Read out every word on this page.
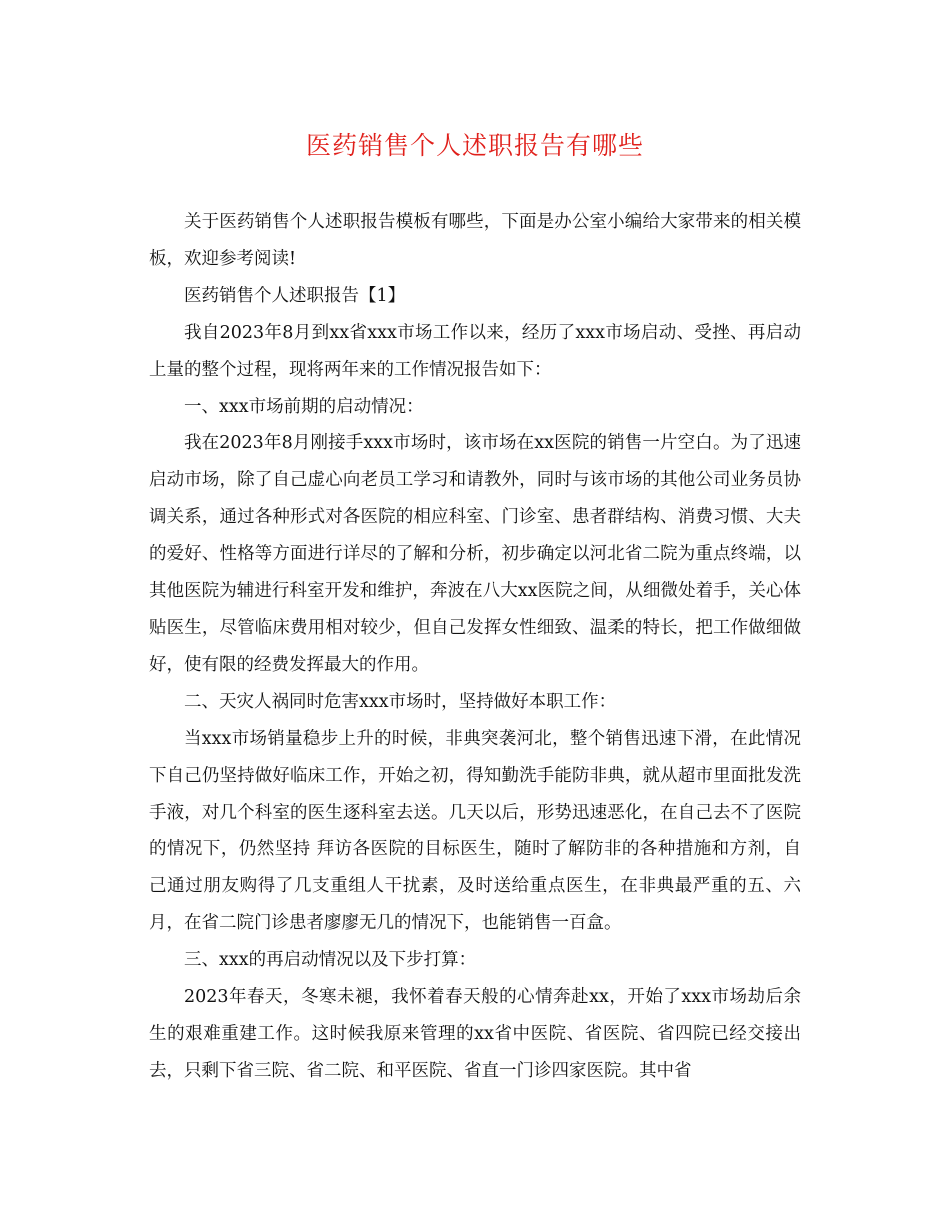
医药销售个人述职报告有哪些

关于医药销售个人述职报告模板有哪些，下面是办公室小编给大家带来的相关模板，欢迎参考阅读!

医药销售个人述职报告【1】

我自2023年8月到xx省xxx市场工作以来，经历了xxx市场启动、受挫、再启动上量的整个过程，现将两年来的工作情况报告如下：

一、xxx市场前期的启动情况：

我在2023年8月刚接手xxx市场时，该市场在xx医院的销售一片空白。为了迅速启动市场，除了自己虚心向老员工学习和请教外，同时与该市场的其他公司业务员协调关系，通过各种形式对各医院的相应科室、门诊室、患者群结构、消费习惯、大夫的爱好、性格等方面进行详尽的了解和分析，初步确定以河北省二院为重点终端，以其他医院为辅进行科室开发和维护，奔波在八大xx医院之间，从细微处着手，关心体贴医生，尽管临床费用相对较少，但自己发挥女性细致、温柔的特长，把工作做细做好，使有限的经费发挥最大的作用。

二、天灾人祸同时危害xxx市场时，坚持做好本职工作：

当xxx市场销量稳步上升的时候，非典突袭河北，整个销售迅速下滑，在此情况下自己仍坚持做好临床工作，开始之初，得知勤洗手能防非典，就从超市里面批发洗手液，对几个科室的医生逐科室去送。几天以后，形势迅速恶化，在自己去不了医院的情况下，仍然坚持 拜访各医院的目标医生，随时了解防非的各种措施和方剂，自己通过朋友购得了几支重组人干扰素，及时送给重点医生，在非典最严重的五、六月，在省二院门诊患者廖廖无几的情况下，也能销售一百盒。

三、xxx的再启动情况以及下步打算：

2023年春天，冬寒未褪，我怀着春天般的心情奔赴xx，开始了xxx市场劫后余生的艰难重建工作。这时候我原来管理的xx省中医院、省医院、省四院已经交接出去，只剩下省三院、省二院、和平医院、省直一门诊四家医院。其中省
